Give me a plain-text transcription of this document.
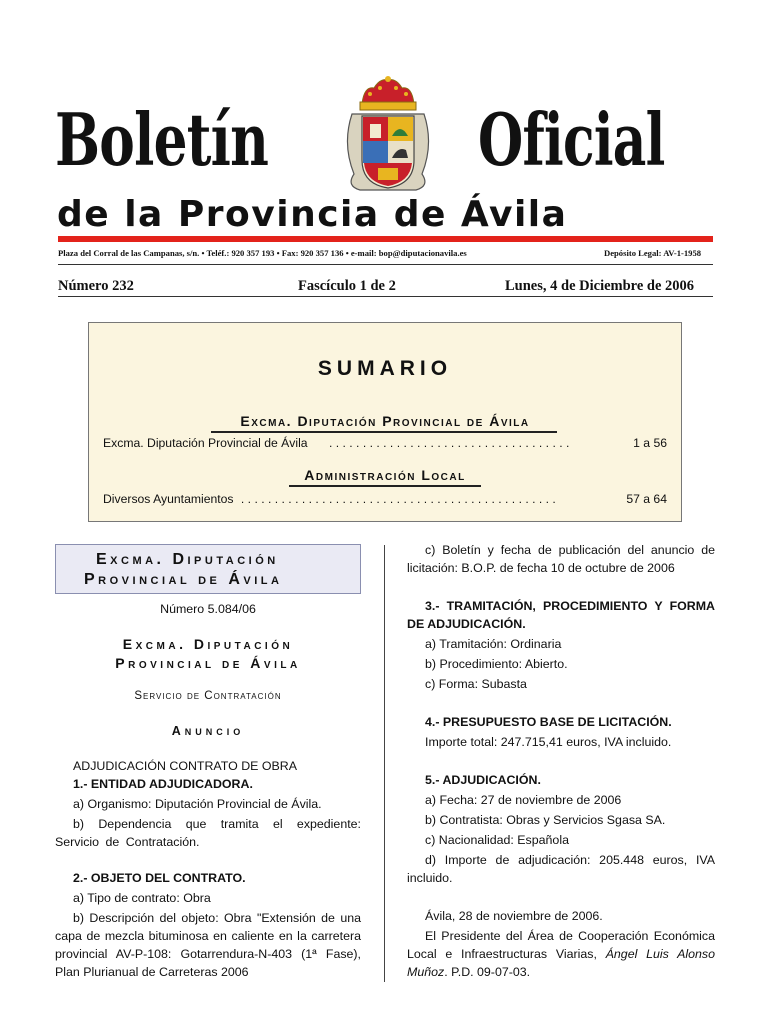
Boletín	Oficial
de la Provincia de Ávila
Plaza del Corral de las Campanas, s/n. • Teléf.: 920 357 193 • Fax: 920 357 136 • e-mail: bop@diputacionavila.es	Depósito Legal: AV-1-1958
Número 232	Fascículo 1 de 2	Lunes, 4 de Diciembre de 2006
SUMARIO
Excma. Diputación Provincial de Ávila
Excma. Diputación Provincial de Ávila . . . . . . . . . . . . . . . . . . . . . . . . . . . . . . . . . . . .	1 a 56
Administración Local
Diversos Ayuntamientos . . . . . . . . . . . . . . . . . . . . . . . . . . . . . . . . . . . . . . . . . . . . . . .	57 a 64
Excma. Diputación
Provincial de Ávila
Número 5.084/06
Excma. Diputación
Provincial de Ávila
Servicio de Contratación
Anuncio

ADJUDICACIÓN CONTRATO DE OBRA

1.- ENTIDAD ADJUDICADORA.

a) Organismo: Diputación Provincial de Ávila.

b) Dependencia que tramita el expediente: Servicio de Contratación.

2.- OBJETO DEL CONTRATO.

a) Tipo de contrato: Obra

b) Descripción del objeto: Obra "Extensión de una capa de mezcla bituminosa en caliente en la carretera provincial AV-P-108: Gotarrendura-N-403 (1ª Fase), Plan Plurianual de Carreteras 2006

c) Boletín y fecha de publicación del anuncio de licitación: B.O.P. de fecha 10 de octubre de 2006

3.- TRAMITACIÓN, PROCEDIMIENTO Y FORMA DE ADJUDICACIÓN.

a) Tramitación: Ordinaria

b) Procedimiento: Abierto.

c) Forma: Subasta

4.- PRESUPUESTO BASE DE LICITACIÓN.

Importe total: 247.715,41 euros, IVA incluido.

5.- ADJUDICACIÓN.

a) Fecha: 27 de noviembre de 2006

b) Contratista: Obras y Servicios Sgasa SA.

c) Nacionalidad: Española

d) Importe de adjudicación: 205.448 euros, IVA incluido.

Ávila, 28 de noviembre de 2006.

El Presidente del Área de Cooperación Económica Local e Infraestructuras Viarias, Ángel Luis Alonso Muñoz. P.D. 09-07-03.
